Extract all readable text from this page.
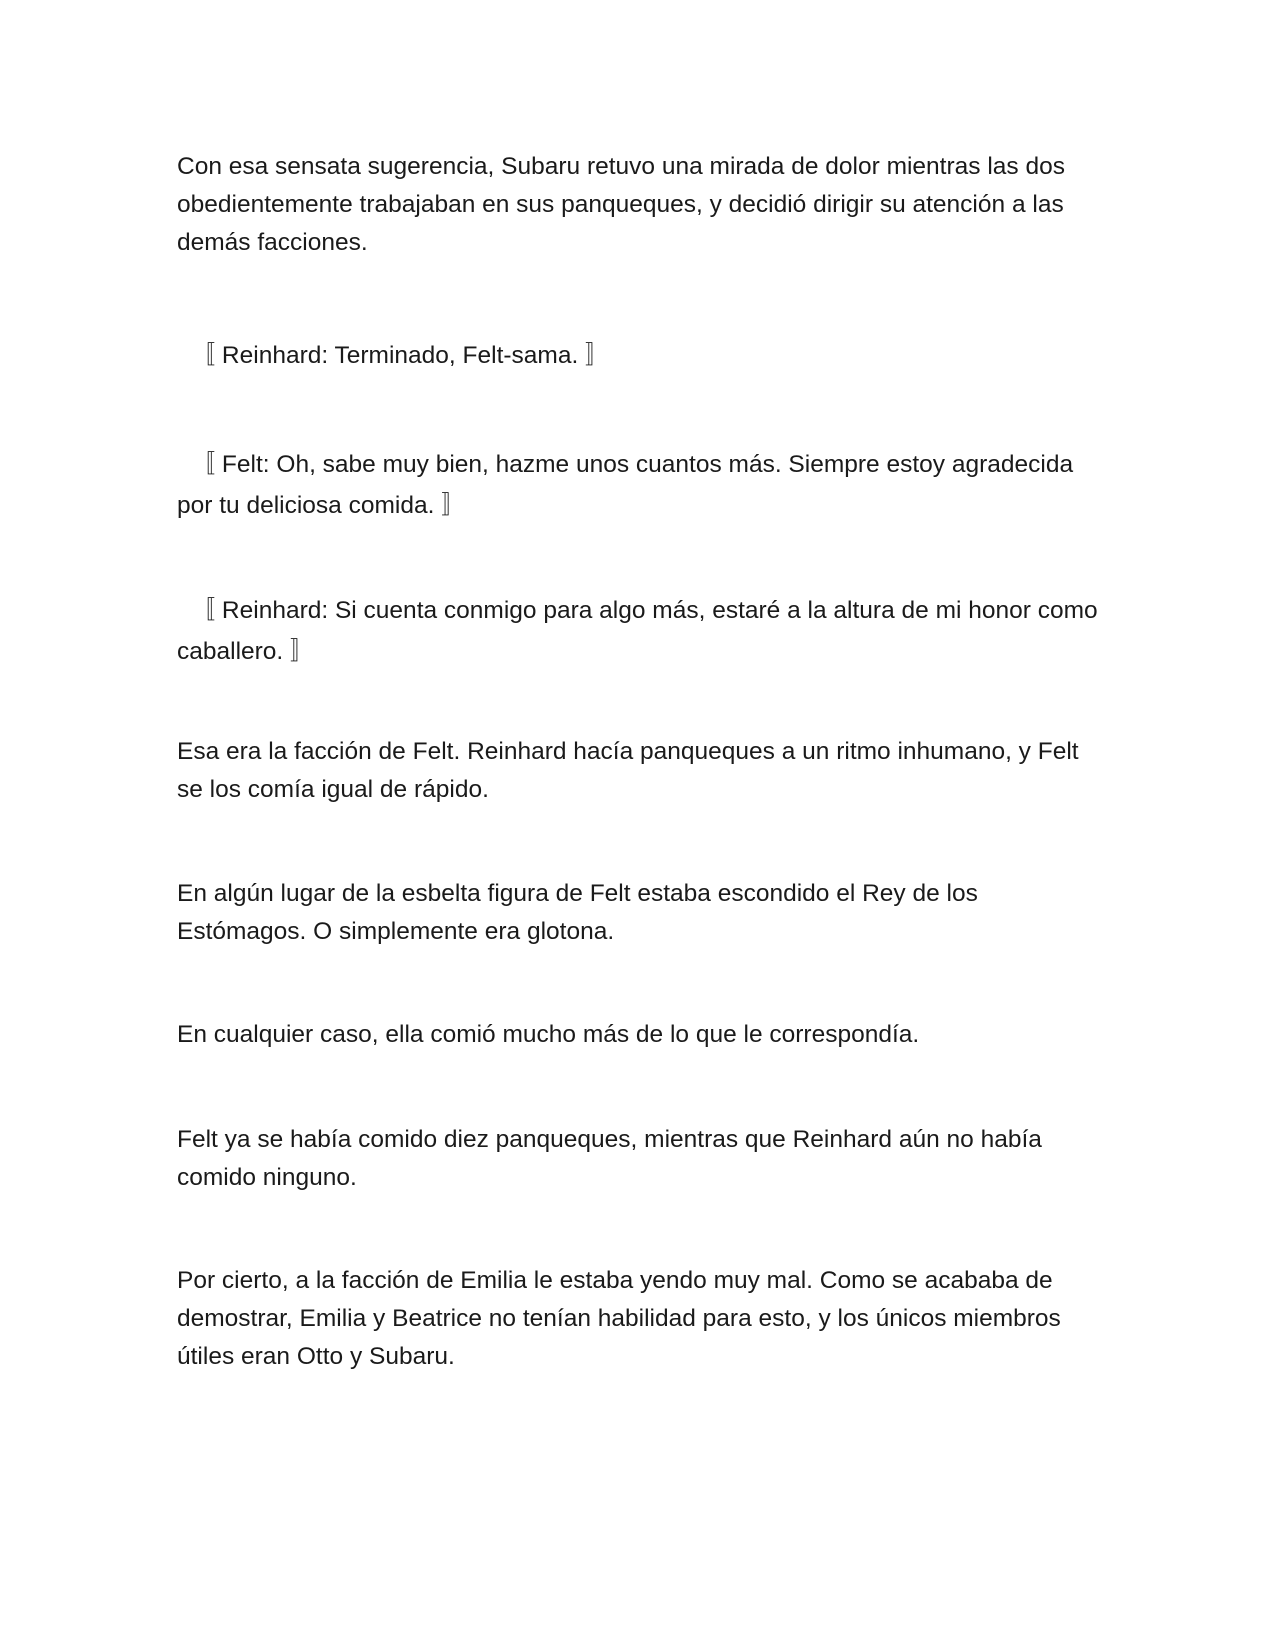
Con esa sensata sugerencia, Subaru retuvo una mirada de dolor mientras las dos obedientemente trabajaban en sus panqueques, y decidió dirigir su atención a las demás facciones.

〚 Reinhard: Terminado, Felt-sama. 〛

〚 Felt: Oh, sabe muy bien, hazme unos cuantos más. Siempre estoy agradecida por tu deliciosa comida. 〛

〚 Reinhard: Si cuenta conmigo para algo más, estaré a la altura de mi honor como caballero. 〛

Esa era la facción de Felt. Reinhard hacía panqueques a un ritmo inhumano, y Felt se los comía igual de rápido.

En algún lugar de la esbelta figura de Felt estaba escondido el Rey de los Estómagos. O simplemente era glotona.

En cualquier caso, ella comió mucho más de lo que le correspondía.

Felt ya se había comido diez panqueques, mientras que Reinhard aún no había comido ninguno.

Por cierto, a la facción de Emilia le estaba yendo muy mal. Como se acababa de demostrar, Emilia y Beatrice no tenían habilidad para esto, y los únicos miembros útiles eran Otto y Subaru.
